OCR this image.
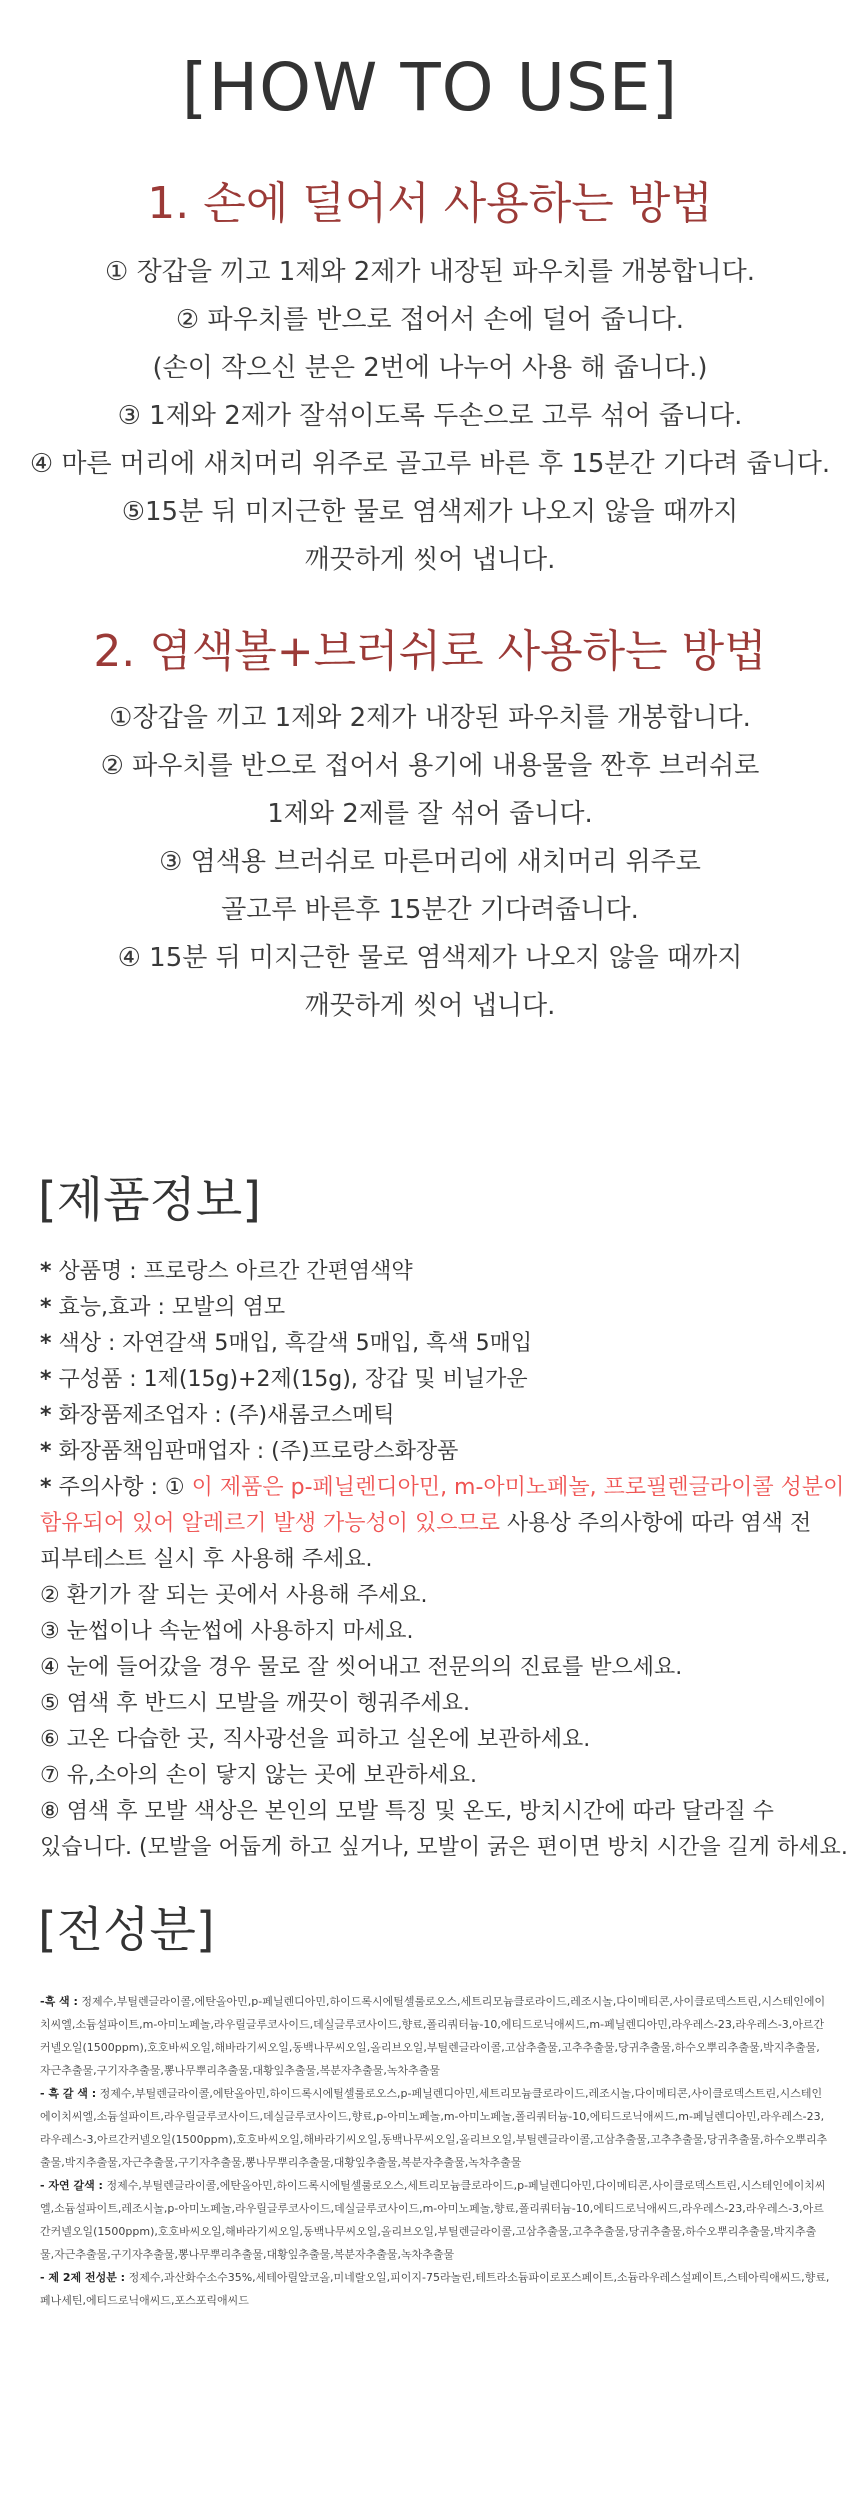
[HOW TO USE]
1. 손에 덜어서 사용하는 방법
① 장갑을 끼고 1제와 2제가 내장된 파우치를 개봉합니다.
② 파우치를 반으로 접어서 손에 덜어 줍니다.
(손이 작으신 분은 2번에 나누어 사용 해 줍니다.)
③ 1제와 2제가 잘섞이도록 두손으로 고루 섞어 줍니다.
④ 마른 머리에 새치머리 위주로 골고루 바른 후 15분간 기다려 줍니다.
⑤15분 뒤 미지근한 물로 염색제가 나오지 않을 때까지
깨끗하게 씻어 냅니다.
2. 염색볼+브러쉬로 사용하는 방법
①장갑을 끼고 1제와 2제가 내장된 파우치를 개봉합니다.
② 파우치를 반으로 접어서 용기에 내용물을 짠후 브러쉬로
1제와 2제를 잘 섞어 줍니다.
③ 염색용 브러쉬로 마른머리에 새치머리 위주로
골고루 바른후 15분간 기다려줍니다.
④ 15분 뒤 미지근한 물로 염색제가 나오지 않을 때까지
깨끗하게 씻어 냅니다.
[제품정보]
* 상품명 : 프로랑스 아르간 간편염색약
* 효능,효과 : 모발의 염모
* 색상 : 자연갈색 5매입, 흑갈색 5매입, 흑색 5매입
* 구성품 : 1제(15g)+2제(15g), 장갑 및 비닐가운
* 화장품제조업자 : (주)새롬코스메틱
* 화장품책임판매업자 : (주)프로랑스화장품
* 주의사항 : ① 이 제품은 p-페닐렌디아민, m-아미노페놀, 프로필렌글라이콜 성분이
함유되어 있어 알레르기 발생 가능성이 있으므로 사용상 주의사항에 따라 염색 전
피부테스트 실시 후 사용해 주세요.
② 환기가 잘 되는 곳에서 사용해 주세요.
③ 눈썹이나 속눈썹에 사용하지 마세요.
④ 눈에 들어갔을 경우 물로 잘 씻어내고 전문의의 진료를 받으세요.
⑤ 염색 후 반드시 모발을 깨끗이 헹궈주세요.
⑥ 고온 다습한 곳, 직사광선을 피하고 실온에 보관하세요.
⑦ 유,소아의 손이 닿지 않는 곳에 보관하세요.
⑧ 염색 후 모발 색상은 본인의 모발 특징 및 온도, 방치시간에 따라 달라질 수
있습니다. (모발을 어둡게 하고 싶거나, 모발이 굵은 편이면 방치 시간을 길게 하세요.
[전성분]
-흑 색 : 정제수,부틸렌글라이콜,에탄올아민,p-페닐렌디아민,하이드록시에틸셀룰로오스,세트리모늄클로라이드,레조시놀,다이메티콘,사이클로덱스트린,시스테인에이치씨엘,소듐설파이트,m-아미노페놀,라우릴글루코사이드,데실글루코사이드,향료,폴리쿼터늄-10,에티드로닉애씨드,m-페닐렌디아민,라우레스-23,라우레스-3,아르간커넬오일(1500ppm),호호바씨오일,해바라기씨오일,동백나무씨오일,올리브오일,부틸렌글라이콜,고삼추출물,고추추출물,당귀추출물,하수오뿌리추출물,박지추출물,자근추출물,구기자추출물,뽕나무뿌리추출물,대황잎추출물,복분자추출물,녹차추출물
- 흑 갈 색 : 정제수,부틸렌글라이콜,에탄올아민,하이드록시에틸셀룰로오스,p-페닐렌디아민,세트리모늄클로라이드,레조시놀,다이메티콘,사이클로덱스트린,시스테인에이치씨엘,소듐설파이트,라우릴글루코사이드,데실글루코사이드,향료,p-아미노페놀,m-아미노페놀,폴리쿼터늄-10,에티드로닉애씨드,m-페닐렌디아민,라우레스-23,라우레스-3,아르간커넬오일(1500ppm),호호바씨오일,해바라기씨오일,동백나무씨오일,올리브오일,부틸렌글라이콜,고삼추출물,고추추출물,당귀추출물,하수오뿌리추출물,박지추출물,자근추출물,구기자추출물,뽕나무뿌리추출물,대황잎추출물,복분자추출물,녹차추출물
- 자연 갈색 : 정제수,부틸렌글라이콜,에탄올아민,하이드록시에틸셀룰로오스,세트리모늄클로라이드,p-페닐렌디아민,다이메티콘,사이클로덱스트린,시스테인에이치씨엘,소듐설파이트,레조시놀,p-아미노페놀,라우릴글루코사이드,데실글루코사이드,m-아미노페놀,향료,폴리쿼터늄-10,에티드로닉애씨드,라우레스-23,라우레스-3,아르간커넬오일(1500ppm),호호바씨오일,해바라기씨오일,동백나무씨오일,올리브오일,부틸렌글라이콜,고삼추출물,고추추출물,당귀추출물,하수오뿌리추출물,박지추출물,자근추출물,구기자추출물,뽕나무뿌리추출물,대황잎추출물,복분자추출물,녹차추출물
- 제 2제 전성분 : 정제수,과산화수소수35%,세테아릴알코올,미네랄오일,피이지-75라놀린,테트라소듐파이로포스페이트,소듐라우레스설페이트,스테아릭애씨드,향료,페나세틴,에티드로닉애씨드,포스포릭애씨드
